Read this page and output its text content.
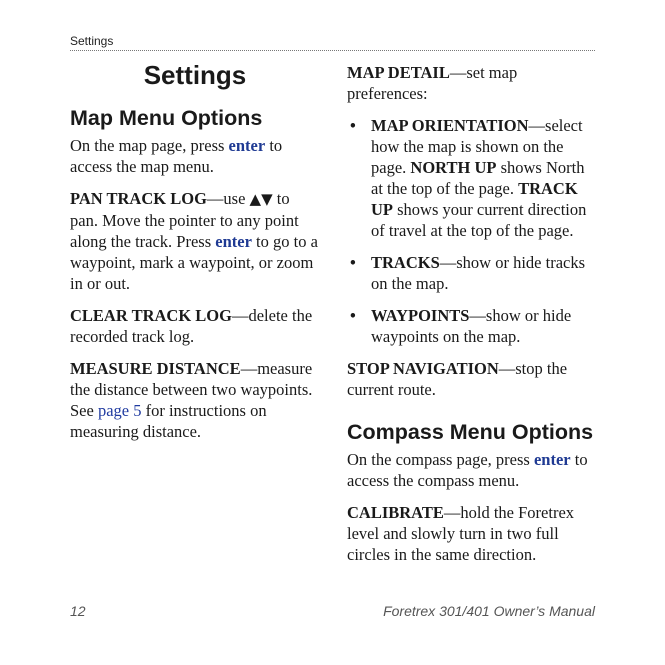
Settings
Settings
Map Menu Options

On the map page, press enter to access the map menu.

PAN TRACK LOG—use ▲▼ to pan. Move the pointer to any point along the track. Press enter to go to a waypoint, mark a waypoint, or zoom in or out.

CLEAR TRACK LOG—delete the recorded track log.

MEASURE DISTANCE—measure the distance between two waypoints. See page 5 for instructions on measuring distance.

MAP DETAIL—set map preferences:

• MAP ORIENTATION—select how the map is shown on the page. NORTH UP shows North at the top of the page. TRACK UP shows your current direction of travel at the top of the page.
• TRACKS—show or hide tracks on the map.
• WAYPOINTS—show or hide waypoints on the map.

STOP NAVIGATION—stop the current route.

Compass Menu Options

On the compass page, press enter to access the compass menu.

CALIBRATE—hold the Foretrex level and slowly turn in two full circles in the same direction.

12	Foretrex 301/401 Owner’s Manual
